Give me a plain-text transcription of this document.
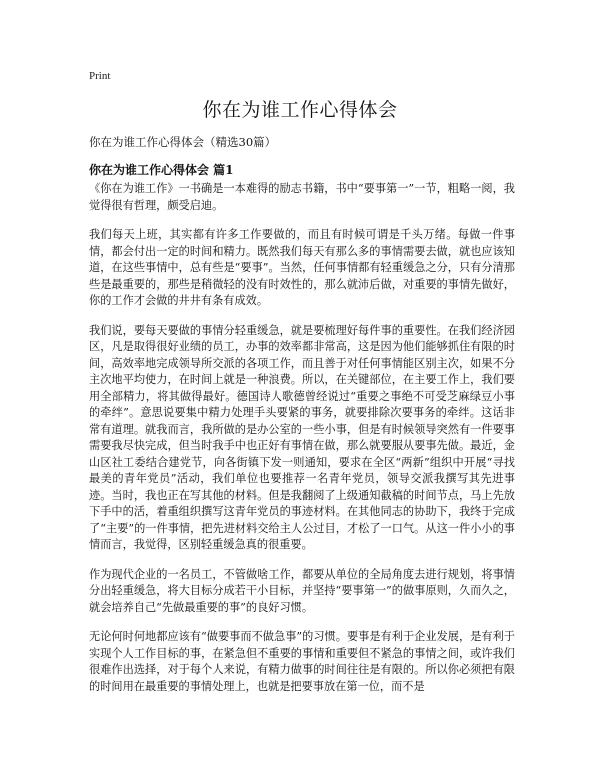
Print
你在为谁工作心得体会
你在为谁工作心得体会（精选30篇）
你在为谁工作心得体会 篇1

《你在为谁工作》一书确是一本难得的励志书籍，书中“要事第一”一节，粗略一阅，我觉得很有哲理，颇受启迪。

我们每天上班，其实都有许多工作要做的，而且有时候可谓是千头万绪。每做一件事情，都会付出一定的时间和精力。既然我们每天有那么多的事情需要去做，就也应该知道，在这些事情中，总有些是“要事”。当然，任何事情都有轻重缓急之分，只有分清那些是最重要的，那些是稍微轻的没有时效性的，那么就沛后做，对重要的事情先做好，你的工作才会做的井井有条有成效。

我们说，要每天要做的事情分轻重缓急，就是要梳理好每件事的重要性。在我们经济园区，凡是取得很好业绩的员工，办事的效率都非常高，这是因为他们能够抓住有限的时间，高效率地完成领导所交派的各项工作，而且善于对任何事情能区别主次，如果不分主次地平均使力，在时间上就是一种浪费。所以，在关键部位，在主要工作上，我们要用全部精力，将其做得最好。德国诗人歌德曾经说过“重要之事绝不可受芝麻绿豆小事的牵绊”。意思说要集中精力处理手头要紧的事务，就要排除次要事务的牵绊。这话非常有道理。就我而言，我所做的是办公室的一些小事，但是有时候领导突然有一件要事需要我尽快完成，但当时我手中也正好有事情在做，那么就要服从要事先做。最近，金山区社工委结合建党节，向各街镇下发一则通知，要求在全区“两新”组织中开展“寻找最美的青年党员”活动，我们单位也要推荐一名青年党员，领导交派我撰写其先进事迹。当时，我也正在写其他的材料。但是我翻阅了上级通知截稿的时间节点，马上先放下手中的活，着重组织撰写这青年党员的事迹材料。在其他同志的协助下，我终于完成了“主要”的一件事情，把先进材料交给主人公过目，才松了一口气。从这一件小小的事情而言，我觉得，区别轻重缓急真的很重要。

作为现代企业的一名员工，不管做啥工作，都要从单位的全局角度去进行规划，将事情分出轻重缓急，将大目标分成若干小目标，并坚持“要事第一”的做事原则，久而久之，就会培养自己“先做最重要的事”的良好习惯。

无论何时何地都应该有“做要事而不做急事”的习惯。要事是有利于企业发展，是有利于实现个人工作目标的事，在紧急但不重要的事情和重要但不紧急的事情之间，或许我们很难作出选择，对于每个人来说，有精力做事的时间往往是有限的。所以你必须把有限的时间用在最重要的事情处理上，也就是把要事放在第一位，而不是
